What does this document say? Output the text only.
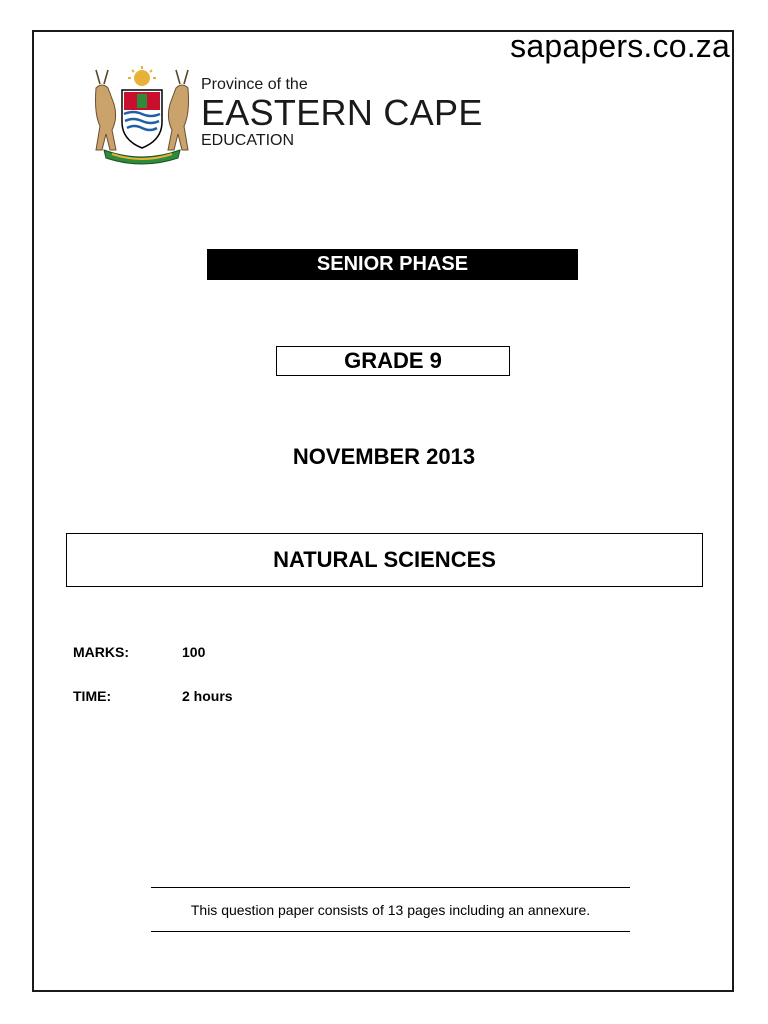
sapapers.co.za
Province of the
EASTERN CAPE
EDUCATION
SENIOR PHASE
GRADE 9
NOVEMBER 2013
NATURAL SCIENCES
MARKS:	100
TIME:	2 hours
This question paper consists of 13 pages including an annexure.
